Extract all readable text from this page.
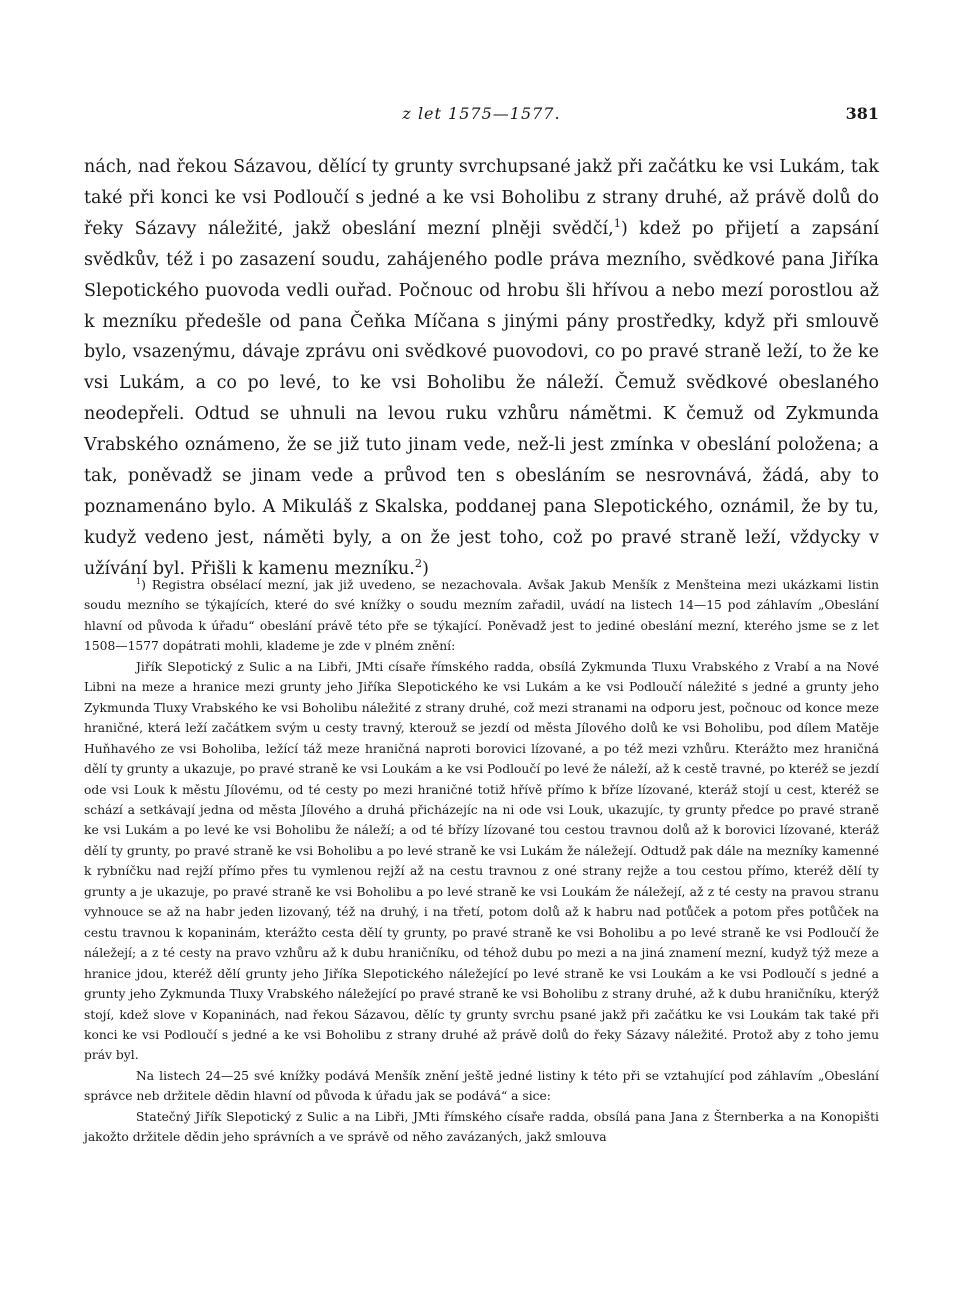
z let 1575—1577.	381

nách, nad řekou Sázavou, dělící ty grunty svrchupsané jakž při začátku ke vsi Lukám, tak také při konci ke vsi Podloučí s jedné a ke vsi Boholibu z strany druhé, až právě dolů do řeky Sázavy náležité, jakž obeslání mezní plněji svědčí,$^1$) kdež po přijetí a zapsání svědkův, též i po zasazení soudu, zahájeného podle práva mezního, svědkové pana Jiříka Slepotického puovoda vedli ouřad. Počnouc od hrobu šli hřívou a nebo mezí porostlou až k mezníku předešle od pana Čeňka Míčana s jinými pány prostředky, když při smlouvě bylo, vsazenýmu, dávaje zprávu oni svědkové puovodovi, co po pravé straně leží, to že ke vsi Lukám, a co po levé, to ke vsi Boholibu že náleží. Čemuž svědkové obeslaného neodepřeli. Odtud se uhnuli na levou ruku vzhůru námětmi. K čemuž od Zykmunda Vrabského oznámeno, že se již tuto jinam vede, než-li jest zmínka v obeslání položena; a tak, poněvadž se jinam vede a průvod ten s obesláním se nesrovnává, žádá, aby to poznamenáno bylo. A Mikuláš z Skalska, poddanej pana Slepotického, oznámil, že by tu, kudyž vedeno jest, náměti byly, a on že jest toho, což po pravé straně leží, vždycky v užívání byl. Přišli k kamenu mezníku.$^2$)

$^1$) Registra obsélací mezní, jak již uvedeno, se nezachovala. Avšak Jakub Menšík z Menšteina mezi ukázkami listin soudu mezního se týkajících, které do své knížky o soudu mezním zařadil, uvádí na listech 14—15 pod záhlavím „Obeslání hlavní od původa k úřadu“ obeslání právě této pře se týkající. Poněvadž jest to jediné obeslání mezní, kterého jsme se z let 1508—1577 dopátrati mohli, klademe je zde v plném znění:

Jiřík Slepotický z Sulic a na Libři, JMti císaře římského radda, obsílá Zykmunda Tluxu Vrabského z Vrabí a na Nové Libni na meze a hranice mezi grunty jeho Jiříka Slepotického ke vsi Lukám a ke vsi Podloučí náležité s jedné a grunty jeho Zykmunda Tluxy Vrabského ke vsi Boholibu náležité z strany druhé, což mezi stranami na odporu jest, počnouc od konce meze hraničné, která leží začátkem svým u cesty travný, kterouž se jezdí od města Jílového dolů ke vsi Boholibu, pod dílem Matěje Huňhavého ze vsi Boholiba, ležící táž meze hraničná naproti borovici lízované, a po též mezi vzhůru. Kterážto mez hraničná dělí ty grunty a ukazuje, po pravé straně ke vsi Loukám a ke vsi Podloučí po levé že náleží, až k cestě travné, po kteréž se jezdí ode vsi Louk k městu Jílovému, od té cesty po mezi hraničné totiž hřívě přímo k bříze lízované, kteráž stojí u cest, kteréž se schází a setkávají jedna od města Jílového a druhá přicházejíc na ni ode vsi Louk, ukazujíc, ty grunty předce po pravé straně ke vsi Lukám a po levé ke vsi Boholibu že náleží; a od té břízy lízované tou cestou travnou dolů až k borovici lízované, kteráž dělí ty grunty, po pravé straně ke vsi Boholibu a po levé straně ke vsi Lukám že náležejí. Odtudž pak dále na mezníky kamenné k rybníčku nad rejží přímo přes tu vymlenou rejží až na cestu travnou z oné strany rejže a tou cestou přímo, kteréž dělí ty grunty a je ukazuje, po pravé straně ke vsi Boholibu a po levé straně ke vsi Loukám že náležejí, až z té cesty na pravou stranu vyhnouce se až na habr jeden lizovaný, též na druhý, i na třetí, potom dolů až k habru nad potůček a potom přes potůček na cestu travnou k kopaninám, kterážto cesta dělí ty grunty, po pravé straně ke vsi Boholibu a po levé straně ke vsi Podloučí že náležejí; a z té cesty na pravo vzhůru až k dubu hraničníku, od téhož dubu po mezi a na jiná znamení mezní, kudyž týž meze a hranice jdou, kteréž dělí grunty jeho Jiříka Slepotického náležející po levé straně ke vsi Loukám a ke vsi Podloučí s jedné a grunty jeho Zykmunda Tluxy Vrabského náležející po pravé straně ke vsi Boholibu z strany druhé, až k dubu hraničníku, kterýž stojí, kdež slove v Kopaninách, nad řekou Sázavou, dělíc ty grunty svrchu psané jakž při začátku ke vsi Loukám tak také při konci ke vsi Podloučí s jedné a ke vsi Boholibu z strany druhé až právě dolů do řeky Sázavy náležité. Protož aby z toho jemu práv byl.

Na listech 24—25 své knížky podává Menšík znění ještě jedné listiny k této při se vztahující pod záhlavím „Obeslání správce neb držitele dědin hlavní od původa k úřadu jak se podává“ a sice:

Statečný Jiřík Slepotický z Sulic a na Libři, JMti římského císaře radda, obsílá pana Jana z Šternberka a na Konopišti jakožto držitele dědin jeho správních a ve správě od něho zavázaných, jakž smlouva
